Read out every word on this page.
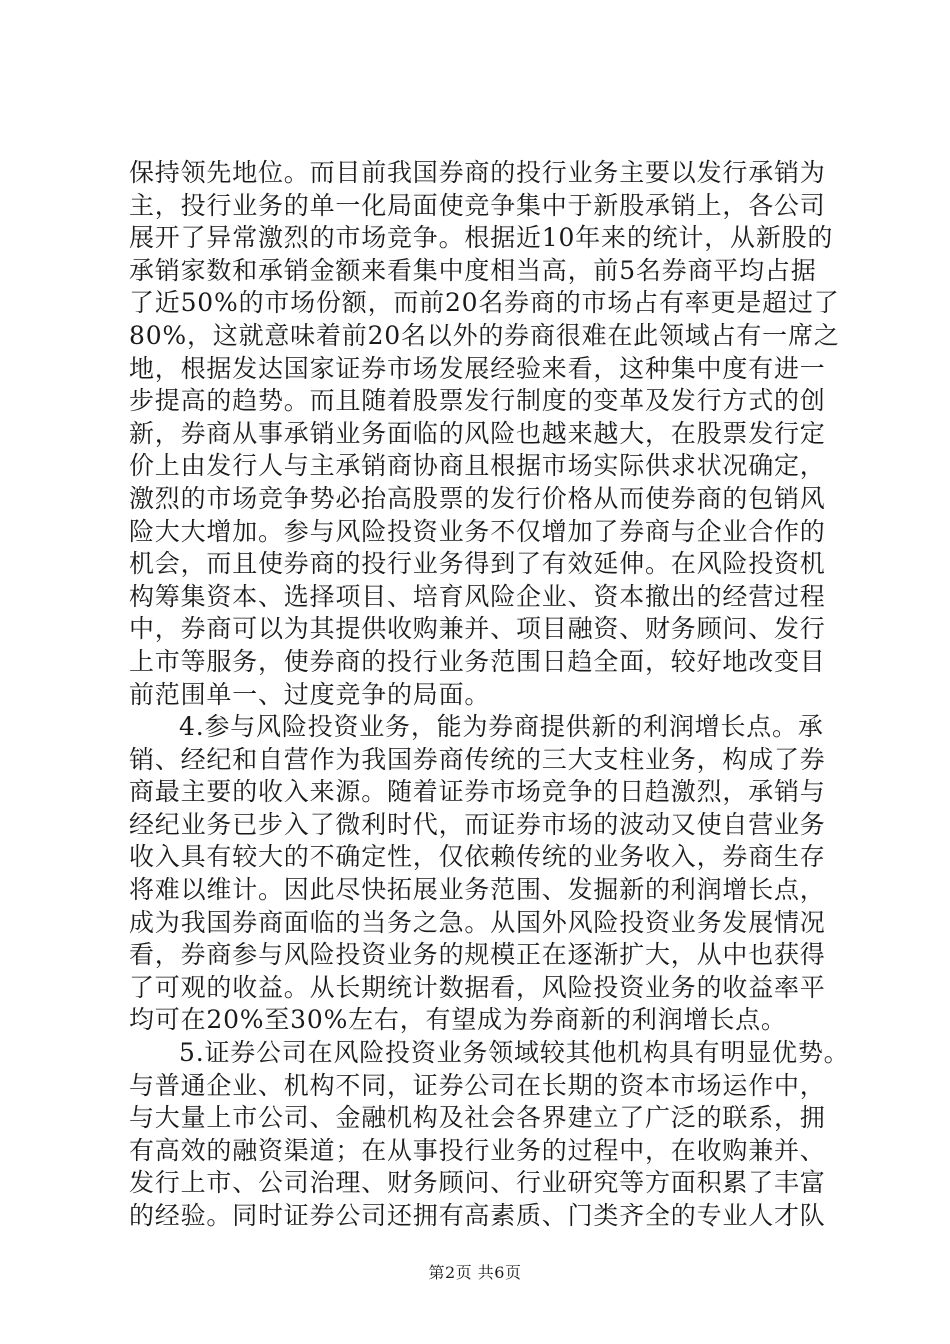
保持领先地位。而目前我国券商的投行业务主要以发行承销为
主，投行业务的单一化局面使竞争集中于新股承销上，各公司
展开了异常激烈的市场竞争。根据近10年来的统计，从新股的
承销家数和承销金额来看集中度相当高，前5名券商平均占据
了近50%的市场份额，而前20名券商的市场占有率更是超过了
80%，这就意味着前20名以外的券商很难在此领域占有一席之
地，根据发达国家证券市场发展经验来看，这种集中度有进一
步提高的趋势。而且随着股票发行制度的变革及发行方式的创
新，券商从事承销业务面临的风险也越来越大，在股票发行定
价上由发行人与主承销商协商且根据市场实际供求状况确定，
激烈的市场竞争势必抬高股票的发行价格从而使券商的包销风
险大大增加。参与风险投资业务不仅增加了券商与企业合作的
机会，而且使券商的投行业务得到了有效延伸。在风险投资机
构筹集资本、选择项目、培育风险企业、资本撤出的经营过程
中，券商可以为其提供收购兼并、项目融资、财务顾问、发行
上市等服务，使券商的投行业务范围日趋全面，较好地改变目
前范围单一、过度竞争的局面。
4.参与风险投资业务，能为券商提供新的利润增长点。承
销、经纪和自营作为我国券商传统的三大支柱业务，构成了券
商最主要的收入来源。随着证券市场竞争的日趋激烈，承销与
经纪业务已步入了微利时代，而证券市场的波动又使自营业务
收入具有较大的不确定性，仅依赖传统的业务收入，券商生存
将难以维计。因此尽快拓展业务范围、发掘新的利润增长点，
成为我国券商面临的当务之急。从国外风险投资业务发展情况
看，券商参与风险投资业务的规模正在逐渐扩大，从中也获得
了可观的收益。从长期统计数据看，风险投资业务的收益率平
均可在20%至30%左右，有望成为券商新的利润增长点。
5.证券公司在风险投资业务领域较其他机构具有明显优势。
与普通企业、机构不同，证券公司在长期的资本市场运作中，
与大量上市公司、金融机构及社会各界建立了广泛的联系，拥
有高效的融资渠道；在从事投行业务的过程中，在收购兼并、
发行上市、公司治理、财务顾问、行业研究等方面积累了丰富
的经验。同时证券公司还拥有高素质、门类齐全的专业人才队
第2页 共6页
